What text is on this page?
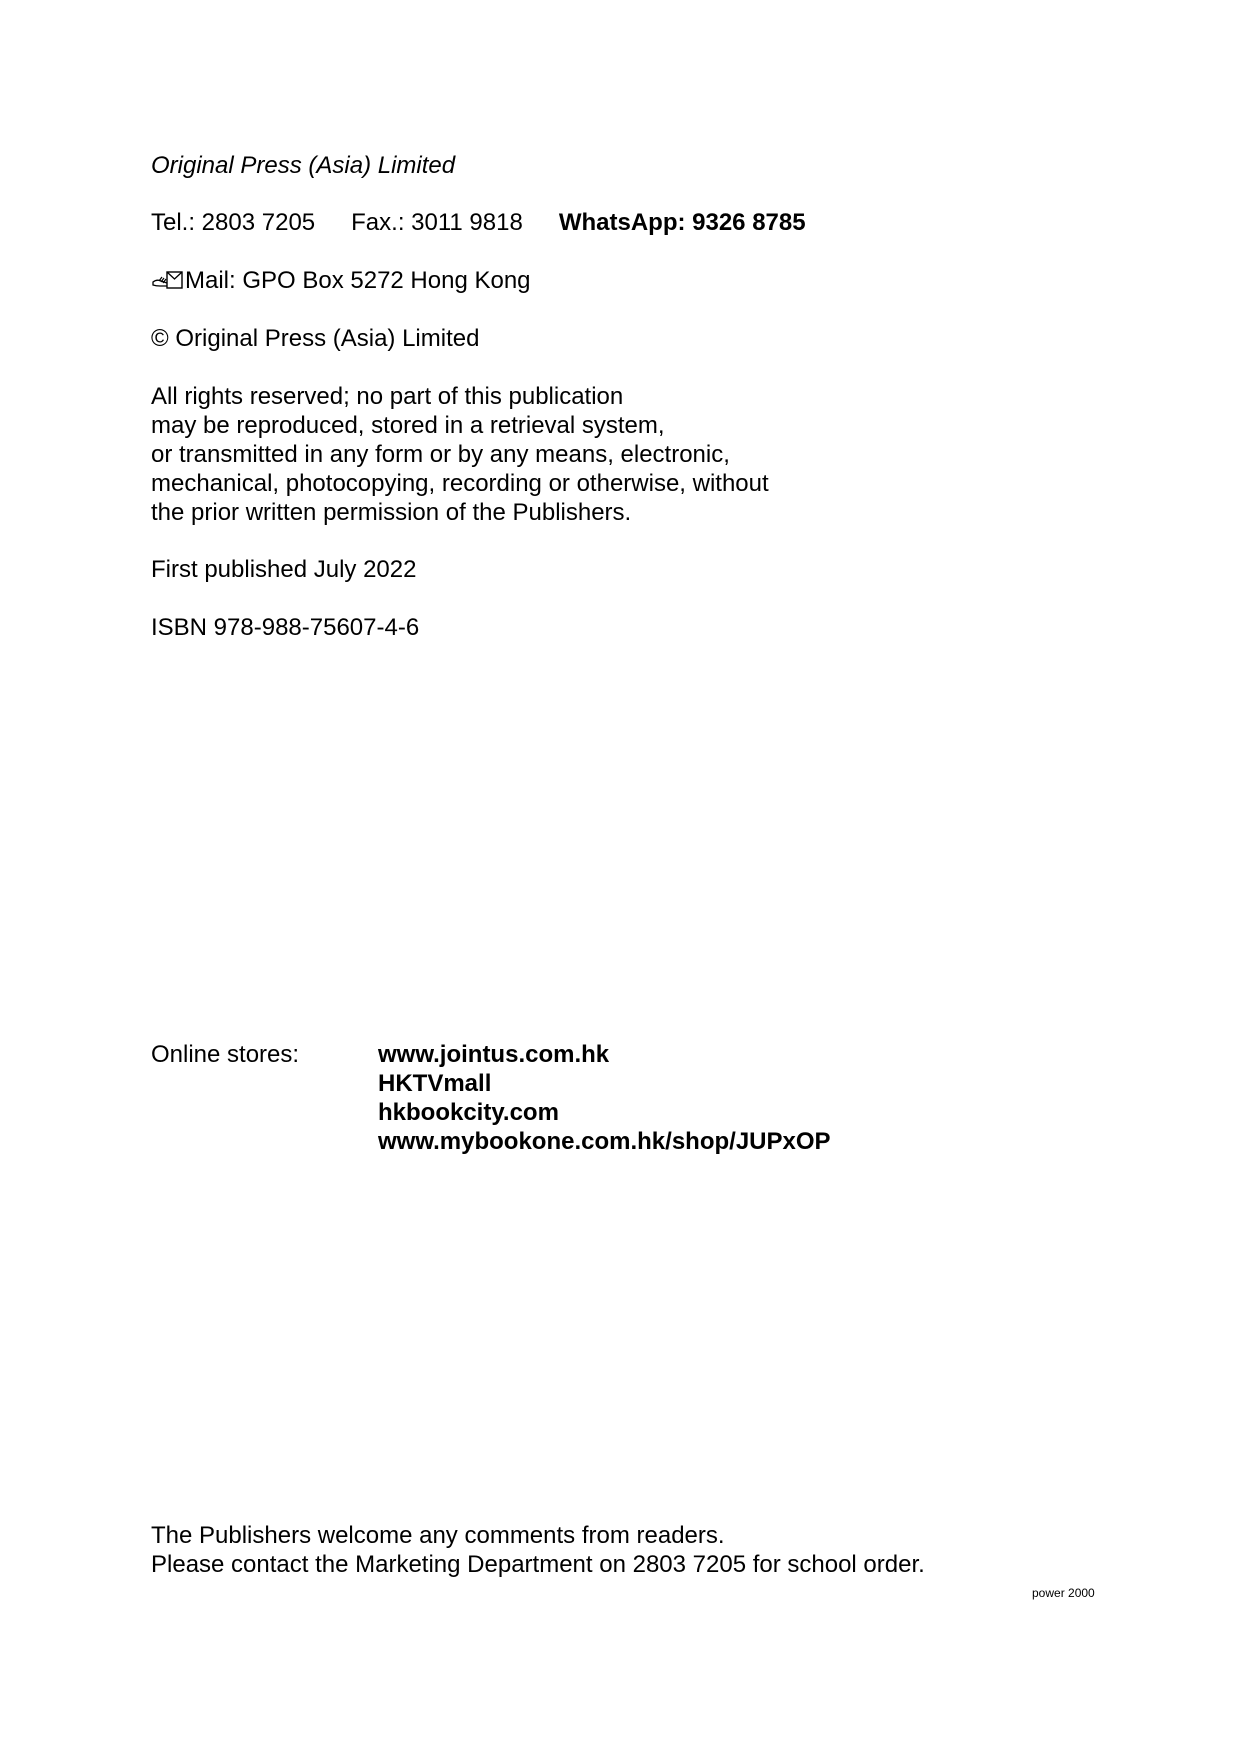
Original Press (Asia) Limited

Tel.: 2803 7205 Fax.: 3011 9818 WhatsApp: 9326 8785

Mail: GPO Box 5272 Hong Kong

© Original Press (Asia) Limited

All rights reserved; no part of this publication
may be reproduced, stored in a retrieval system,
or transmitted in any form or by any means, electronic,
mechanical, photocopying, recording or otherwise, without
the prior written permission of the Publishers.

First published July 2022

ISBN 978-988-75607-4-6

Online stores:	www.jointus.com.hk
HKTVmall
hkbookcity.com
www.mybookone.com.hk/shop/JUPxOP
The Publishers welcome any comments from readers.
Please contact the Marketing Department on 2803 7205 for school order.
power 2000
